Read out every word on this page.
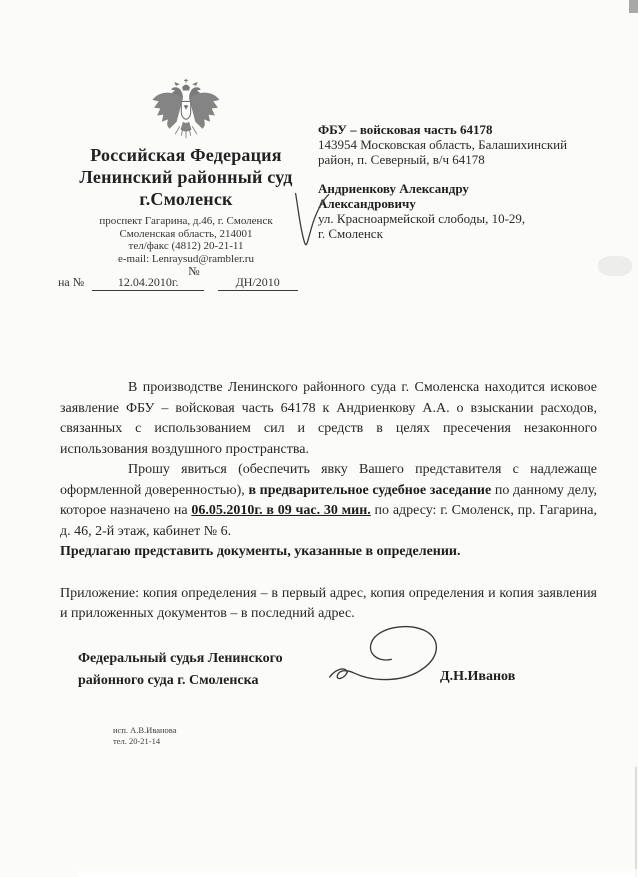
Российская Федерация
Ленинский районный суд
г.Смоленск
проспект Гагарина, д.46, г. Смоленск
Смоленская область, 214001
тел/факс (4812) 20-21-11
e-mail: Lenraysud@rambler.ru
на №	12.04.2010г.№ДН/2010
ФБУ – войсковая часть 64178
143954 Московская область, Балашихинский
район, п. Северный, в/ч 64178
Андриенкову Александру
Александровичу
ул. Красноармейской слободы, 10-29,
г. Смоленск

В производстве Ленинского районного суда г. Смоленска находится исковое заявление ФБУ – войсковая часть 64178 к Андриенкову А.А. о взыскании расходов, связанных с использованием сил и средств в целях пресечения незаконного использования воздушного пространства.

Прошу явиться (обеспечить явку Вашего представителя с надлежаще оформленной доверенностью), в предварительное судебное заседание по данному делу, которое назначено на 06.05.2010г. в 09 час. 30 мин. по адресу: г. Смоленск, пр. Гагарина, д. 46, 2-й этаж, кабинет № 6.

Предлагаю представить документы, указанные в определении.

Приложение: копия определения – в первый адрес, копия определения и копия заявления и приложенных документов – в последний адрес.

Федеральный судья Ленинского
районного суда г. Смоленска	Д.Н.Иванов
исп. А.В.Иванова
тел. 20-21-14
